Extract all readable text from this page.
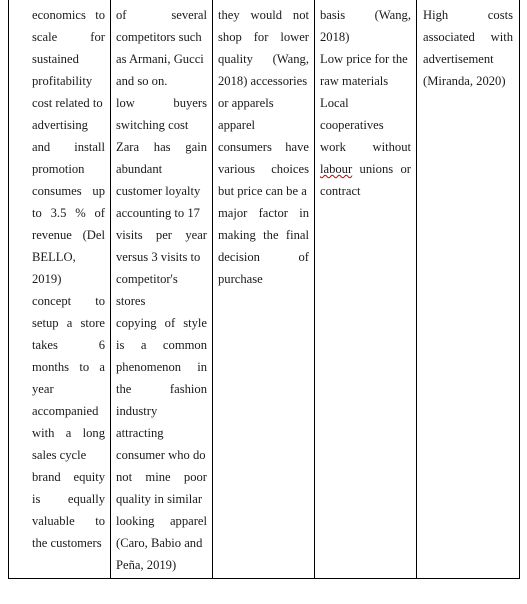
economics to
scale for
sustained
profitability
cost related to
advertising
and install
promotion
consumes up
to 3.5 % of
revenue (Del
BELLO,
2019)
concept to
setup a store
takes 6
months to a
year
accompanied
with a long
sales cycle
brand equity
is equally
valuable to
the customers
of several
competitors such
as Armani, Gucci
and so on.
low buyers
switching cost
Zara has gain
abundant
customer loyalty
accounting to 17
visits per year
versus 3 visits to
competitor's
stores
copying of style
is a common
phenomenon in
the fashion
industry
attracting
consumer who do
not mine poor
quality in similar
looking apparel
(Caro, Babio and
Peña, 2019)
they would not
shop for lower
quality (Wang,
2018) accessories
or apparels
apparel
consumers have
various choices
but price can be a
major factor in
making the final
decision of
purchase
basis (Wang,
2018)
Low price for the
raw materials
Local
cooperatives
work without
labour unions or
contract
High costs
associated with
advertisement
(Miranda, 2020)
